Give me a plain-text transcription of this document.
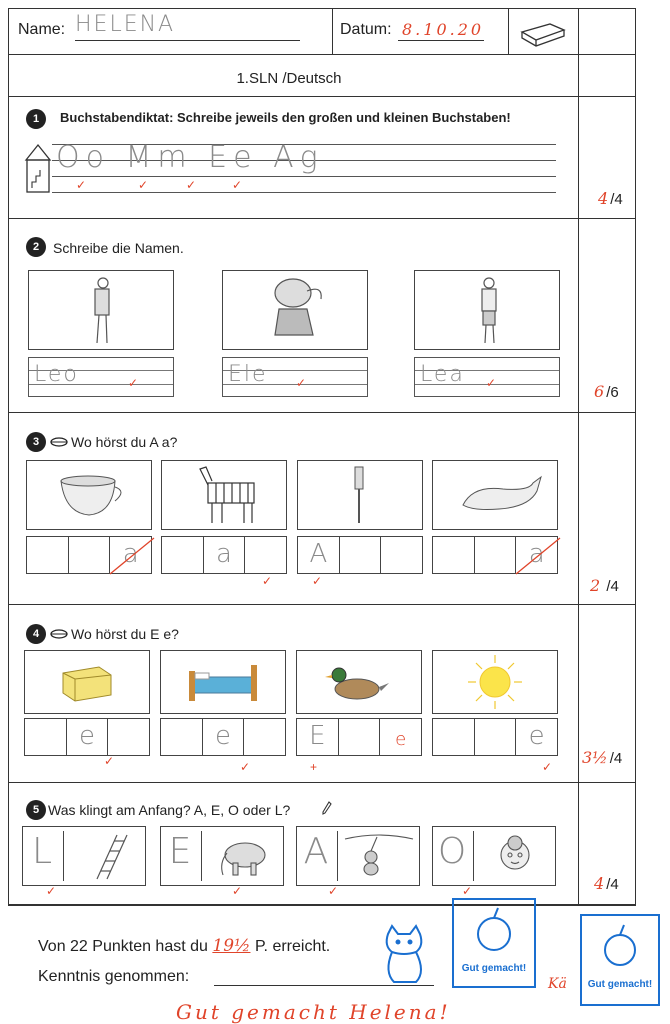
Name: HELENA	Datum: 8.10.20
1.SLN /Deutsch
1	Buchstabendiktat: Schreibe jeweils den großen und kleinen Buchstaben!
Oo Mm Ee Ag
✓	✓	✓	✓
4 /4
2 Schreibe die Namen.
Leo	Ele	Lea
✓	✓	✓	6 /6
3	Wo hörst du A a?
a	a	A	a
✓	✓	2 /4
4	Wo hörst du E e?
e	e	E	e	e
✓	✓	+	✓ 3½ /4
5 Was klingt am Anfang? A, E, O oder L?
L	E	A	O
✓	✓	✓	✓	4 /4
Von 22 Punkten hast du 19½ P. erreicht.
Kenntnis genommen:	Gut gemacht!
Gut gemacht!
Kä
Gut gemacht Helena!
